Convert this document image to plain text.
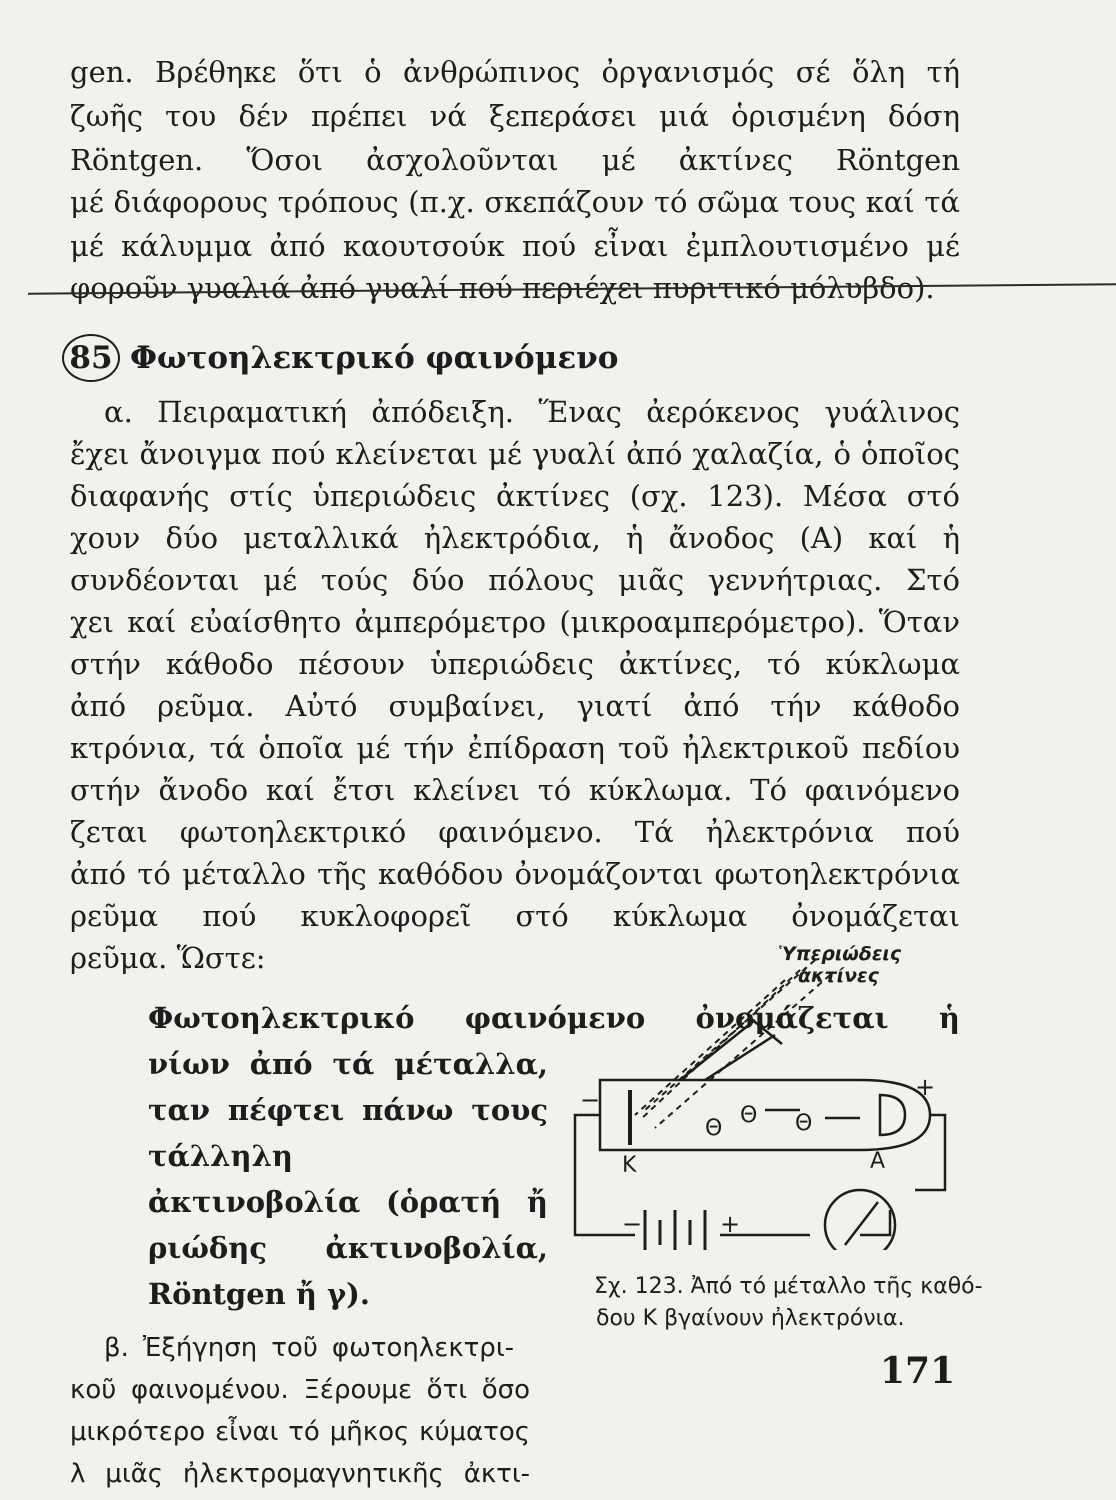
gen. Βρέθηκε ὅτι ὁ ἀνθρώπινος ὀργανισμός σέ ὅλη τή
ζωῆς του δέν πρέπει νά ξεπεράσει μιά ὁρισμένη δόση
Röntgen. Ὅσοι ἀσχολοῦνται μέ ἀκτίνες Röntgen
μέ διάφορους τρόπους (π.χ. σκεπάζουν τό σῶμα τους καί τά
μέ κάλυμμα ἀπό καουτσούκ πού εἶναι ἐμπλουτισμένο μέ
φοροῦν γυαλιά ἀπό γυαλί πού περιέχει πυριτικό μόλυβδο).
85 Φωτοηλεκτρικό φαινόμενο
α. Πειραματική ἀπόδειξη. Ἕνας ἀερόκενος γυάλινος
ἔχει ἄνοιγμα πού κλείνεται μέ γυαλί ἀπό χαλαζία, ὁ ὁποῖος
διαφανής στίς ὑπεριώδεις ἀκτίνες (σχ. 123). Μέσα στό
χουν δύο μεταλλικά ἠλεκτρόδια, ἡ ἄνοδος (Α) καί ἡ
συνδέονται μέ τούς δύο πόλους μιᾶς γεννήτριας. Στό
χει καί εὐαίσθητο ἀμπερόμετρο (μικροαμπερόμετρο). Ὅταν
στήν κάθοδο πέσουν ὑπεριώδεις ἀκτίνες, τό κύκλωμα
ἀπό ρεῦμα. Αὐτό συμβαίνει, γιατί ἀπό τήν κάθοδο
κτρόνια, τά ὁποῖα μέ τήν ἐπίδραση τοῦ ἠλεκτρικοῦ πεδίου
στήν ἄνοδο καί ἔτσι κλείνει τό κύκλωμα. Τό φαινόμενο
ζεται φωτοηλεκτρικό φαινόμενο. Τά ἠλεκτρόνια πού
ἀπό τό μέταλλο τῆς καθόδου ὀνομάζονται φωτοηλεκτρόνια
ρεῦμα πού κυκλοφορεῖ στό κύκλωμα ὀνομάζεται
ρεῦμα. Ὥστε:
Φωτοηλεκτρικό φαινόμενο ὀνομάζεται ἡ
νίων ἀπό τά μέταλλα,
ταν πέφτει πάνω τους
τάλληλη
ἀκτινοβολία (ὁρατή ἤ
ριώδης ἀκτινοβολία,
Röntgen ἤ γ).
β. Ἐξήγηση τοῦ φωτοηλεκτρι-
κοῦ φαινομένου. Ξέρουμε ὅτι ὅσο
μικρότερο εἶναι τό μῆκος κύματος
λ μιᾶς ἠλεκτρομαγνητικῆς ἀκτι-
Ὑπεριώδεις
ἀκτίνες
Κ	Α
Θ
Θ	Θ
+
−
+
−
Σχ. 123. Ἀπό τό μέταλλο τῆς καθό-
δου Κ βγαίνουν ἠλεκτρόνια.
171
